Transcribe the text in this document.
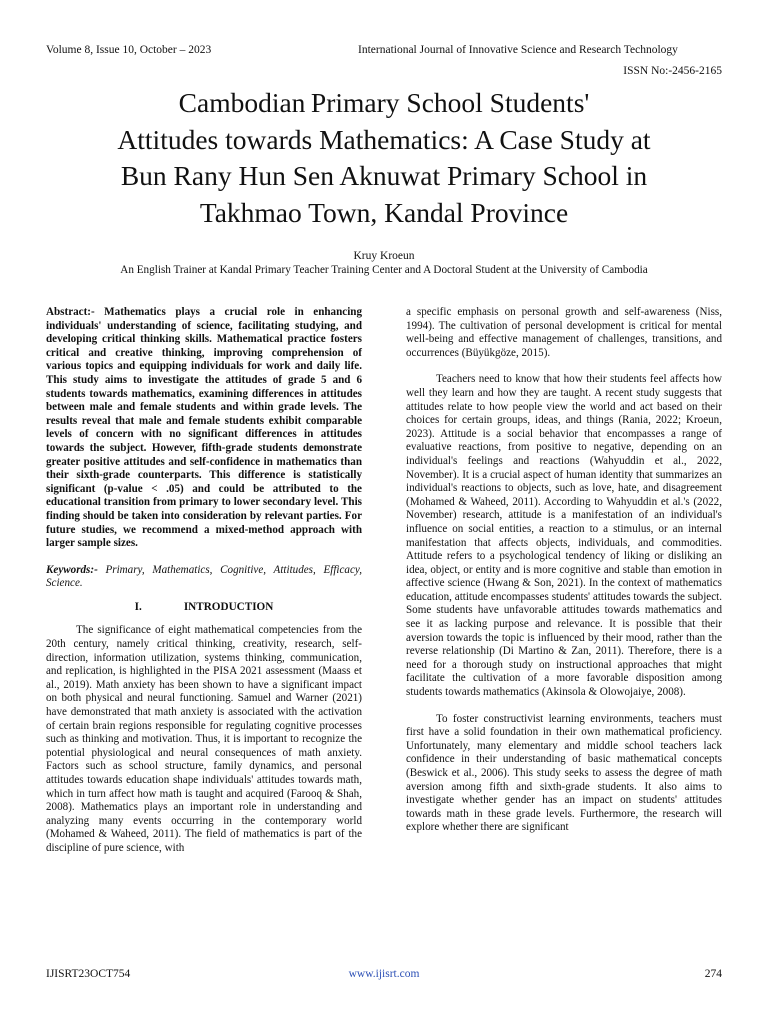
Volume 8, Issue 10, October – 2023	International Journal of Innovative Science and Research Technology
ISSN No:-2456-2165
Cambodian Primary School Students'
Attitudes towards Mathematics: A Case Study at
Bun Rany Hun Sen Aknuwat Primary School in
Takhmao Town, Kandal Province
Kruy Kroeun
An English Trainer at Kandal Primary Teacher Training Center and A Doctoral Student at the University of Cambodia

Abstract:- Mathematics plays a crucial role in enhancing individuals' understanding of science, facilitating studying, and developing critical thinking skills. Mathematical practice fosters critical and creative thinking, improving comprehension of various topics and equipping individuals for work and daily life. This study aims to investigate the attitudes of grade 5 and 6 students towards mathematics, examining differences in attitudes between male and female students and within grade levels. The results reveal that male and female students exhibit comparable levels of concern with no significant differences in attitudes towards the subject. However, fifth-grade students demonstrate greater positive attitudes and self-confidence in mathematics than their sixth-grade counterparts. This difference is statistically significant (p-value < .05) and could be attributed to the educational transition from primary to lower secondary level. This finding should be taken into consideration by relevant parties. For future studies, we recommend a mixed-method approach with larger sample sizes.

Keywords:- Primary, Mathematics, Cognitive, Attitudes, Efficacy, Science.

I.	INTRODUCTION

The significance of eight mathematical competencies from the 20th century, namely critical thinking, creativity, research, self-direction, information utilization, systems thinking, communication, and replication, is highlighted in the PISA 2021 assessment (Maass et al., 2019). Math anxiety has been shown to have a significant impact on both physical and neural functioning. Samuel and Warner (2021) have demonstrated that math anxiety is associated with the activation of certain brain regions responsible for regulating cognitive processes such as thinking and motivation. Thus, it is important to recognize the potential physiological and neural consequences of math anxiety. Factors such as school structure, family dynamics, and personal attitudes towards education shape individuals' attitudes towards math, which in turn affect how math is taught and acquired (Farooq & Shah, 2008). Mathematics plays an important role in understanding and analyzing many events occurring in the contemporary world (Mohamed & Waheed, 2011). The field of mathematics is part of the discipline of pure science, with

a specific emphasis on personal growth and self-awareness (Niss, 1994). The cultivation of personal development is critical for mental well-being and effective management of challenges, transitions, and occurrences (Büyükgöze, 2015).

Teachers need to know that how their students feel affects how well they learn and how they are taught. A recent study suggests that attitudes relate to how people view the world and act based on their choices for certain groups, ideas, and things (Rania, 2022; Kroeun, 2023). Attitude is a social behavior that encompasses a range of evaluative reactions, from positive to negative, depending on an individual's feelings and reactions (Wahyuddin et al., 2022, November). It is a crucial aspect of human identity that summarizes an individual's reactions to objects, such as love, hate, and disagreement (Mohamed & Waheed, 2011). According to Wahyuddin et al.'s (2022, November) research, attitude is a manifestation of an individual's influence on social entities, a reaction to a stimulus, or an internal manifestation that affects objects, individuals, and commodities. Attitude refers to a psychological tendency of liking or disliking an idea, object, or entity and is more cognitive and stable than emotion in affective science (Hwang & Son, 2021). In the context of mathematics education, attitude encompasses students' attitudes towards the subject. Some students have unfavorable attitudes towards mathematics and see it as lacking purpose and relevance. It is possible that their aversion towards the topic is influenced by their mood, rather than the reverse relationship (Di Martino & Zan, 2011). Therefore, there is a need for a thorough study on instructional approaches that might facilitate the cultivation of a more favorable disposition among students towards mathematics (Akinsola & Olowojaiye, 2008).

To foster constructivist learning environments, teachers must first have a solid foundation in their own mathematical proficiency. Unfortunately, many elementary and middle school teachers lack confidence in their understanding of basic mathematical concepts (Beswick et al., 2006). This study seeks to assess the degree of math aversion among fifth and sixth-grade students. It also aims to investigate whether gender has an impact on students' attitudes towards math in these grade levels. Furthermore, the research will explore whether there are significant

IJISRT23OCT754	www.ijisrt.com	274
